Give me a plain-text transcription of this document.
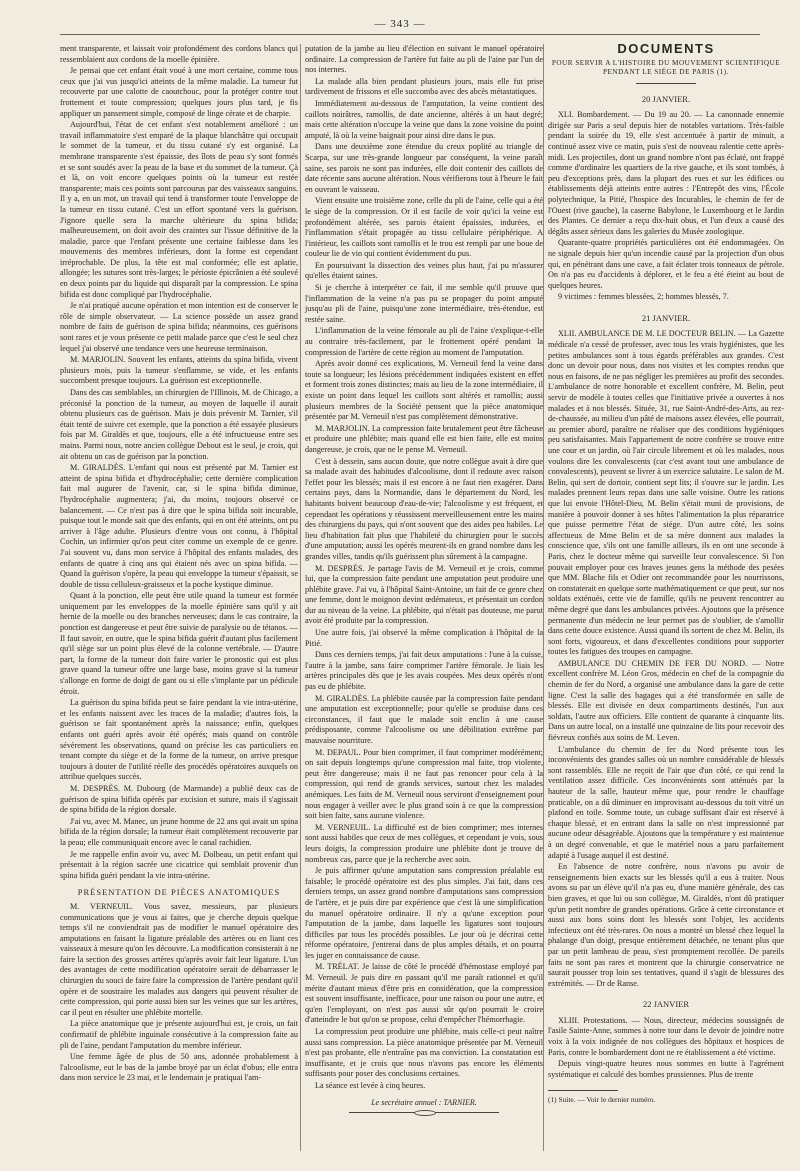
— 343 —

ment transparente, et laissait voir profondément des cordons blancs qui ressemblaient aux cordons de la moelle épinière.

Je pensai que cet enfant était voué à une mort certaine, comme tous ceux que j'ai vus jusqu'ici atteints de la même maladie. La tumeur fut recouverte par une calotte de caoutchouc, pour la protéger contre tout frottement et toute compression; quelques jours plus tard, je fis appliquer un pansement simple, composé de linge cérate et de charpie.

Aujourd'hui, l'état de cet enfant s'est notablement amélioré : un travail inflammatoire s'est emparé de la plaque blanchâtre qui occupait le sommet de la tumeur, et du tissu cutané s'y est organisé. La membrane transparente s'est épaissie, des îlots de peau s'y sont formés et se sont soudés avec la peau de la base et du sommet de la tumeur. Çà et là, on voit encore quelques points où la tumeur est restée transparente; mais ces points sont parcourus par des vaisseaux sanguins. Il y a, en un mot, un travail qui tend à transformer toute l'enveloppe de la tumeur en tissu cutané. C'est un effort spontané vers la guérison. J'ignore quelle sera la marche ultérieure du spina bifida; malheureusement, on doit avoir des craintes sur l'issue définitive de la maladie, parce que l'enfant présente une certaine faiblesse dans les mouvements des membres inférieurs, dont la forme est cependant irréprochable. De plus, la tête est mal conformée; elle est aplatie, allongée; les sutures sont très-larges; le périoste épicrânien a été soulevé en deux points par du liquide qui disparaît par la compression. Le spina bifida est donc compliqué par l'hydrocéphalie.

Je n'ai pratiqué aucune opération et mon intention est de conserver le rôle de simple observateur. — La science possède un assez grand nombre de faits de guérison de spina bifida; néanmoins, ces guérisons sont rares et je vous présente ce petit malade parce que c'est le seul chez lequel j'ai observé une tendance vers une heureuse terminaison.

M. MARJOLIN. Souvent les enfants, atteints du spina bifida, vivent plusieurs mois, puis la tumeur s'enflamme, se vide, et les enfants succombent presque toujours. La guérison est exceptionnelle.

Dans des cas semblables, un chirurgien de l'Illinois, M. de Chicago, a préconisé la ponction de la tumeur, au moyen de laquelle il aurait obtenu plusieurs cas de guérison. Mais je dois prévenir M. Tarnier, s'il était tenté de suivre cet exemple, que la ponction a été essayée plusieurs fois par M. Giraldès et que, toujours, elle a été infructueuse entre ses mains. Parmi nous, notre ancien collègue Debout est le seul, je crois, qui ait obtenu un cas de guérison par la ponction.

M. GIRALDÈS. L'enfant qui nous est présenté par M. Tarnier est atteint de spina bifida et d'hydrocéphalie; cette dernière complication fait mal augurer de l'avenir, car, si le spina bifida diminue, l'hydrocéphalie augmentera; j'ai, du moins, toujours observé ce balancement. — Ce n'est pas à dire que le spina bifida soit incurable, puisque tout le monde sait que des enfants, qui en ont été atteints, ont pu arriver à l'âge adulte. Plusieurs d'entre vous ont connu, à l'hôpital Cochin, un infirmier qu'on peut citer comme un exemple de ce genre. J'ai souvent vu, dans mon service à l'hôpital des enfants malades, des enfants de quatre à cinq ans qui étaient nés avec un spina bifida. — Quand la guérison s'opère, la peau qui enveloppe la tumeur s'épaissit, se double de tissu celluleux-graisseux et la poche kystique diminue.

Quant à la ponction, elle peut être utile quand la tumeur est formée uniquement par les enveloppes de la moelle épinière sans qu'il y ait hernie de la moelle ou des branches nerveuses; dans le cas contraire, la ponction est dangereuse et peut être suivie de paralysie ou de tétanos. — Il faut savoir, en outre, que le spina bifida guérit d'autant plus facilement qu'il siège sur un point plus élevé de la colonne vertébrale. — D'autre part, la forme de la tumeur doit faire varier le pronostic qui est plus grave quand la tumeur offre une large base, moins grave si la tumeur s'allonge en forme de doigt de gant ou si elle s'implante par un pédicule étroit.

La guérison du spina bifida peut se faire pendant la vie intra-utérine, et les enfants naissent avec les traces de la maladie; d'autres fois, la guérison se fait spontanément après la naissance; enfin, quelques enfants ont guéri après avoir été opérés; mais quand on contrôle sévèrement les observations, quand on précise les cas particuliers en tenant compte du siège et de la forme de la tumeur, on arrive presque toujours à douter de l'utilité réelle des procédés opératoires auxquels on attribue quelques succès.

M. DESPRÈS. M. Dubourg (de Marmande) a publié deux cas de guérison de spina bifida opérés par excision et suture, mais il s'agissait de spina bifida de la région dorsale.

J'ai vu, avec M. Manec, un jeune homme de 22 ans qui avait un spina bifida de la région dorsale; la tumeur était complètement recouverte par la peau; elle communiquait encore avec le canal rachidien.

Je me rappelle enfin avoir vu, avec M. Dolbeau, un petit enfant qui présentait à la région sacrée une cicatrice qui semblait provenir d'un spina bifida guéri pendant la vie intra-utérine.

PRÉSENTATION DE PIÈCES ANATOMIQUES

M. VERNEUIL. Vous savez, messieurs, par plusieurs communications que je vous ai faites, que je cherche depuis quelque temps s'il ne conviendrait pas de modifier le manuel opératoire des amputations en faisant la ligature préalable des artères ou en liant ces vaisseaux à mesure qu'on les découvre. La modification consisterait à ne faire la section des grosses artères qu'après avoir fait leur ligature. L'un des avantages de cette modification opératoire serait de débarrasser le chirurgien du souci de faire faire la compression de l'artère pendant qu'il opère et de soustraire les malades aux dangers qui peuvent résulter de cette compression, qui porte aussi bien sur les veines que sur les artères, car il peut en résulter une phlébite mortelle.

La pièce anatomique que je présente aujourd'hui est, je crois, un fait confirmatif de phlébite inguinale consécutive à la compression faite au pli de l'aine, pendant l'amputation du membre inférieur.

Une femme âgée de plus de 50 ans, adonnée probablement à l'alcoolisme, eut le bas de la jambe broyé par un éclat d'obus; elle entra dans mon service le 23 mai, et le lendemain je pratiquai l'am-

putation de la jambe au lieu d'élection en suivant le manuel opératoire ordinaire. La compression de l'artère fut faite au pli de l'aine par l'un de nos internes.

La malade alla bien pendant plusieurs jours, mais elle fut prise tardivement de frissons et elle succomba avec des abcès métastatiques.

Immédiatement au-dessous de l'amputation, la veine contient des caillots noirâtres, ramollis, de date ancienne, altérés à un haut degré; mais cette altération n'occupe la veine que dans la zone voisine du point amputé, là où la veine baignait pour ainsi dire dans le pus.

Dans une deuxième zone étendue du creux poplité au triangle de Scarpa, sur une très-grande longueur par conséquent, la veine paraît saine, ses parois ne sont pas indurées, elle doit contenir des caillots de date récente sans aucune altération. Nous vérifierons tout à l'heure le fait en ouvrant le vaisseau.

Vient ensuite une troisième zone, celle du pli de l'aine, celle qui a été le siège de la compression. Or il est facile de voir qu'ici la veine est profondément altérée, ses parois étaient épaissies, indurées, et l'inflammation s'était propagée au tissu cellulaire périphérique. A l'intérieur, les caillots sont ramollis et le trou est rempli par une boue de couleur lie de vin qui contient évidemment du pus.

En poursuivant la dissection des veines plus haut, j'ai pu m'assurer qu'elles étaient saines.

Si je cherche à interpréter ce fait, il me semble qu'il prouve que l'inflammation de la veine n'a pas pu se propager du point amputé jusqu'au pli de l'aine, puisqu'une zone intermédiaire, très-étendue, est restée saine.

L'inflammation de la veine fémorale au pli de l'aine s'explique-t-elle au contraire très-facilement, par le frottement opéré pendant la compression de l'artère de cette région au moment de l'amputation.

Après avoir donné ces explications, M. Verneuil fend la veine dans toute sa longueur; les lésions précédemment indiquées existent en effet et forment trois zones distinctes; mais au lieu de la zone intermédiaire, il existe un point dans lequel les caillots sont altérés et ramollis; aussi plusieurs membres de la Société pensent que la pièce anatomique présentée par M. Verneuil n'est pas complètement démonstrative.

M. MARJOLIN. La compression faite brutalement peut être fâcheuse et produire une phlébite; mais quand elle est bien faite, elle est moins dangereuse, je crois, que ne le pense M. Verneuil.

C'est à dessein, sans aucun doute, que notre collègue avait à dire que sa malade avait des habitudes d'alcoolisme, dont il redoute avec raison l'effet pour les blessés; mais il est encore à ne faut rien exagérer. Dans certains pays, dans la Normandie, dans le département du Nord, les habitants boivent beaucoup d'eau-de-vie; l'alcoolisme y est fréquent, et cependant les opérations y réussissent merveilleusement entre les mains des chirurgiens du pays, qui n'ont souvent que des aides peu habiles. Le lieu d'habitation fait plus que l'habileté du chirurgien pour le succès d'une amputation; aussi les opérés meurent-ils en grand nombre dans les grandes villes, tandis qu'ils guérissent plus sûrement à la campagne.

M. DESPRÈS. Je partage l'avis de M. Verneuil et je crois, comme lui, que la compression faite pendant une amputation peut produire une phlébite grave. J'ai vu, à l'hôpital Saint-Antoine, un fait de ce genre chez une femme, dont le moignon devint œdémateux, et présentait un cordon dur au niveau de la veine. La phlébite, qui n'était pas douteuse, me parut avoir été produite par la compression.

Une autre fois, j'ai observé la même complication à l'hôpital de la Pitié.

Dans ces derniers temps, j'ai fait deux amputations : l'une à la cuisse, l'autre à la jambe, sans faire comprimer l'artère fémorale. Je liais les artères principales dès que je les avais coupées. Mes deux opérés n'ont pas eu de phlébite.

M. GIRALDÈS. La phlébite causée par la compression faite pendant une amputation est exceptionnelle; pour qu'elle se produise dans ces circonstances, il faut que le malade soit enclin à une cause prédisposante, comme l'alcoolisme ou une débilitation extrême par mauvaise nourriture.

M. DEPAUL. Pour bien comprimer, il faut comprimer modérément; on sait depuis longtemps qu'une compression mal faite, trop violente, peut être dangereuse; mais il ne faut pas renoncer pour cela à la compression, qui rend de grands services, surtout chez les malades anémiques. Les faits de M. Verneuil nous serviront d'enseignement pour nous engager à veiller avec le plus grand soin à ce que la compression soit bien faite, sans aucune violence.

M. VERNEUIL. La difficulté est de bien comprimer; mes internes sont aussi habiles que ceux de mes collègues, et cependant je vois, sous leurs doigts, la compression produire une phlébite dont je trouve de nombreux cas, parce que je la recherche avec soin.

Je puis affirmer qu'une amputation sans compression préalable est faisable; le procédé opératoire est des plus simples. J'ai fait, dans ces derniers temps, un assez grand nombre d'amputations sans compression de l'artère, et je puis dire par expérience que c'est là une simplification du manuel opératoire ordinaire. Il n'y a qu'une exception pour l'amputation de la jambe, dans laquelle les ligatures sont toujours difficiles par tous les procédés possibles. Le jour où je décrirai cette réforme opératoire, j'entrerai dans de plus amples détails, et on pourra les juger en connaissance de cause.

M. TRÉLAT. Je laisse de côté le procédé d'hémostase employé par M. Verneuil. Je puis dire en passant qu'il me paraît rationnel et qu'il mérite d'autant mieux d'être pris en considération, que la compression est souvent insuffisante, inefficace, pour une raison ou pour une autre, et qu'en l'employant, on n'est pas aussi sûr qu'on pourrait le croire d'atteindre le but qu'on se propose, celui d'empêcher l'hémorrhagie.

La compression peut produire une phlébite, mais celle-ci peut naître aussi sans compression. La pièce anatomique présentée par M. Verneuil n'est pas probante, elle n'entraîne pas ma conviction. La constatation est insuffisante, et je crois que nous n'avons pas encore les éléments suffisants pour poser des conclusions certaines.

La séance est levée à cinq heures.

Le secrétaire annuel : TARNIER.
DOCUMENTS
POUR SERVIR A L'HISTOIRE DU MOUVEMENT SCIENTIFIQUE PENDANT LE SIÉGE DE PARIS (1).
20 JANVIER.

XLI. Bombardement. — Du 19 au 20. — La canonnade ennemie dirigée sur Paris a seul depuis hier de notables variations. Très-faible pendant la soirée du 19, elle s'est accentuée à partir de minuit, a continué assez vive ce matin, puis s'est de nouveau ralentie cette après-midi. Les projectiles, dont un grand nombre n'ont pas éclaté, ont frappé comme d'ordinaire les quartiers de la rive gauche, et ils sont tombés, à peu d'exceptions près, dans la plupart des rues et sur les édifices ou établissements déjà atteints entre autres : l'Entrepôt des vins, l'École polytechnique, la Pitié, l'hospice des Incurables, le chemin de fer de l'Ouest (rive gauche), la caserne Babylone, le Luxembourg et le Jardin des Plantes. Ce dernier a reçu dix-huit obus, et l'un d'eux a causé des dégâts assez sérieux dans les galeries du Musée zoologique.

Quarante-quatre propriétés particulières ont été endommagées. On ne signale depuis hier qu'un incendie causé par la projection d'un obus qui, en pénétrant dans une cave, a fait éclater trois tonneaux de pétrole. On n'a pas eu d'accidents à déplorer, et le feu a été éteint au bout de quelques heures.

9 victimes : femmes blessées, 2; hommes blessés, 7.

21 JANVIER.

XLII. AMBULANCE DE M. LE DOCTEUR BELIN. — La Gazette médicale n'a cessé de professer, avec tous les vrais hygiénistes, que les petites ambulances sont à tous égards préférables aux grandes. C'est donc un devoir pour nous, dans nos visites et les comptes rendus que nous en faisons, de ne pas négliger les premières au profit des secondes. L'ambulance de notre honorable et excellent confrère, M. Belin, peut servir de modèle à toutes celles que l'initiative privée a ouvertes à nos malades et à nos blessés. Située, 31, rue Saint-André-des-Arts, au rez-de-chaussée, au milieu d'un pâté de maisons assez élevées, elle pourrait, au premier abord, paraître ne réaliser que des conditions hygiéniques peu satisfaisantes. Mais l'appartement de notre confrère se trouve entre une cour et un jardin, où l'air circule librement et où les malades, nous voulons dire les convalescents (car c'est avant tout une ambulance de convalescents), peuvent se livrer à un exercice salutaire. Le salon de M. Belin, qui sert de dortoir, contient sept lits; il s'ouvre sur le jardin. Les malades prennent leurs repas dans une salle voisine. Outre les rations que lui envoie l'Hôtel-Dieu, M. Belin s'était muni de provisions, de manière à pouvoir donner à ses hôtes l'alimentation la plus réparatrice que puisse permettre l'état de siége. D'un autre côté, les soins affectueux de Mme Belin et de sa mère donnent aux malades la conscience que, s'ils ont une famille ailleurs, ils en ont une seconde à Paris, chez le docteur même qui surveille leur convalescence. Si l'on pouvait employer pour ces braves jeunes gens la méthode des pesées que MM. Blache fils et Odier ont recommandée pour les nourrissons, on constaterait en quelque sorte mathématiquement ce que peut, sur nos soldats exténués, cette vie de famille, qu'ils ne peuvent rencontrer au même degré que dans les ambulances privées. Ajoutons que la présence permanente d'un médecin ne leur permet pas de s'oublier, de s'amollir dans cette douce existence. Aussi quand ils sortent de chez M. Belin, ils sont forts, vigoureux, et dans d'excellentes conditions pour supporter toutes les fatigues des troupes en campagne.

AMBULANCE DU CHEMIN DE FER DU NORD. — Notre excellent confrère M. Léon Gros, médecin en chef de la compagnie du chemin de fer du Nord, a organisé une ambulance dans la gare de cette ligne. C'est la salle des bagages qui a été transformée en salle de blessés. Elle est divisée en deux compartiments destinés, l'un aux soldats, l'autre aux officiers. Elle contient de quarante à cinquante lits. Dans un autre local, on a installé une quinzaine de lits pour recevoir des fiévreux confiés aux soins de M. Leven.

L'ambulance du chemin de fer du Nord présente tous les inconvénients des grandes salles où un nombre considérable de blessés sont rassemblés. Elle ne reçoit de l'air que d'un côté, ce qui rend la ventilation assez difficile. Ces inconvénients sont atténués par la hauteur de la salle, hauteur même que, pour rendre le chauffage praticable, on a dû diminuer en improvisant au-dessous du toit vitré un plafond en toile. Somme toute, un cubage suffisant d'air est réservé à chaque blessé, et en entrant dans la salle on n'est impressionné par aucune odeur désagréable. Ajoutons que la température y est maintenue à un degré convenable, et que le matériel nous a paru parfaitement adapté à l'usage auquel il est destiné.

En l'absence de notre confrère, nous n'avons pu avoir de renseignements bien exacts sur les blessés qu'il a eus à traiter. Nous avons su par un élève qu'il n'a pas eu, d'une manière générale, des cas bien graves, et que lui ou son collègue, M. Giraldès, n'ont dû pratiquer qu'un petit nombre de grandes opérations. Grâce à cette circonstance et aussi aux bons soins dont les blessés sont l'objet, les accidents infectieux ont été très-rares. On nous a montré un blessé chez lequel la phalange d'un doigt, presque entièrement détachée, ne tenant plus que par un petit lambeau de peau, s'est promptement recollée. De pareils faits ne sont pas rares et montrent que la chirurgie conservatrice ne saurait pousser trop loin ses tentatives, quand il s'agit de blessures des extrémités. — Dr de Ranse.

22 JANVIER

XLIII. Protestations. — Nous, directeur, médecins soussignés de l'asile Sainte-Anne, sommes à notre tour dans le devoir de joindre notre voix à la voix indignée de nos collègues des hôpitaux et hospices de Paris, contre le bombardement dont ne re établissement a été victime.

Depuis vingt-quatre heures nous sommes en butte à l'agrément systématique et calculé des bombes prussiennes. Plus de trente

(1) Suite. — Voir le dernier numéro.
